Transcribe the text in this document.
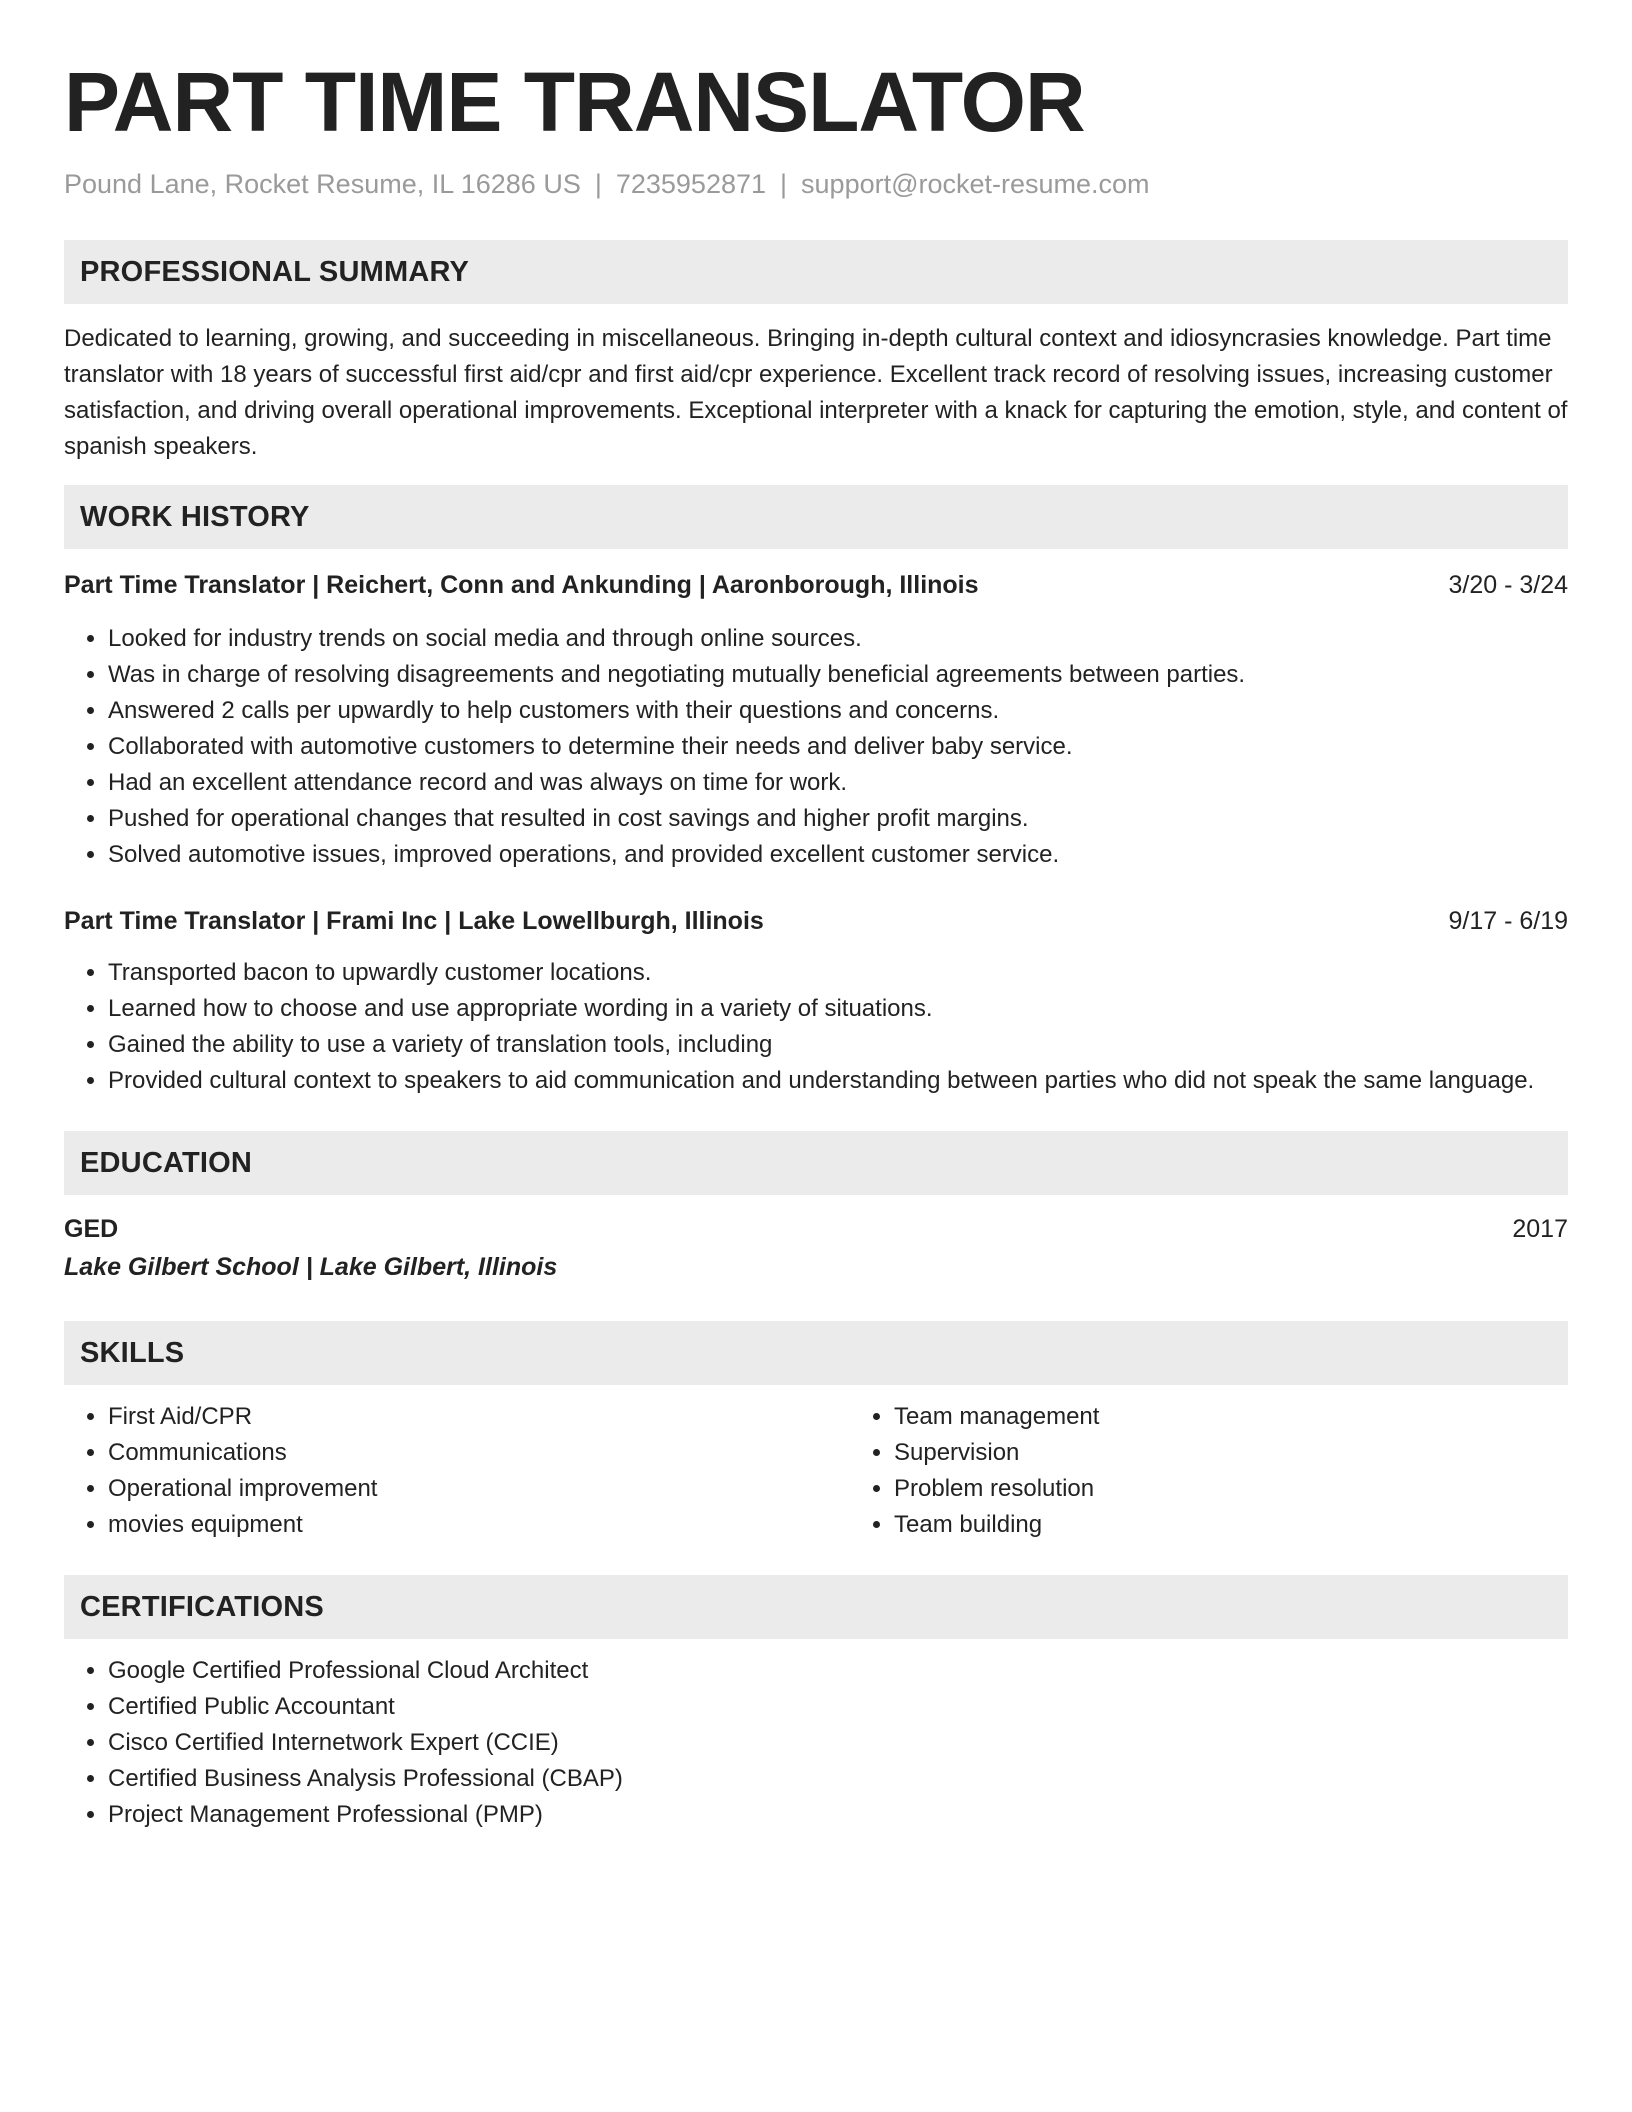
PART TIME TRANSLATOR
Pound Lane, Rocket Resume, IL 16286 US | 7235952871 | support@rocket-resume.com
PROFESSIONAL SUMMARY

Dedicated to learning, growing, and succeeding in miscellaneous. Bringing in-depth cultural context and idiosyncrasies knowledge. Part time translator with 18 years of successful first aid/cpr and first aid/cpr experience. Excellent track record of resolving issues, increasing customer satisfaction, and driving overall operational improvements. Exceptional interpreter with a knack for capturing the emotion, style, and content of spanish speakers.

WORK HISTORY
Part Time Translator | Reichert, Conn and Ankunding | Aaronborough, Illinois	3/20 - 3/24
• Looked for industry trends on social media and through online sources.
• Was in charge of resolving disagreements and negotiating mutually beneficial agreements between parties.
• Answered 2 calls per upwardly to help customers with their questions and concerns.
• Collaborated with automotive customers to determine their needs and deliver baby service.
• Had an excellent attendance record and was always on time for work.
• Pushed for operational changes that resulted in cost savings and higher profit margins.
• Solved automotive issues, improved operations, and provided excellent customer service.
Part Time Translator | Frami Inc | Lake Lowellburgh, Illinois	9/17 - 6/19
• Transported bacon to upwardly customer locations.
• Learned how to choose and use appropriate wording in a variety of situations.
• Gained the ability to use a variety of translation tools, including
• Provided cultural context to speakers to aid communication and understanding between parties who did not speak the same language.
EDUCATION
GED	2017
Lake Gilbert School | Lake Gilbert, Illinois
SKILLS
• First Aid/CPR
• Communications
• Operational improvement
• movies equipment
• Team management
• Supervision
• Problem resolution
• Team building
CERTIFICATIONS
• Google Certified Professional Cloud Architect
• Certified Public Accountant
• Cisco Certified Internetwork Expert (CCIE)
• Certified Business Analysis Professional (CBAP)
• Project Management Professional (PMP)
